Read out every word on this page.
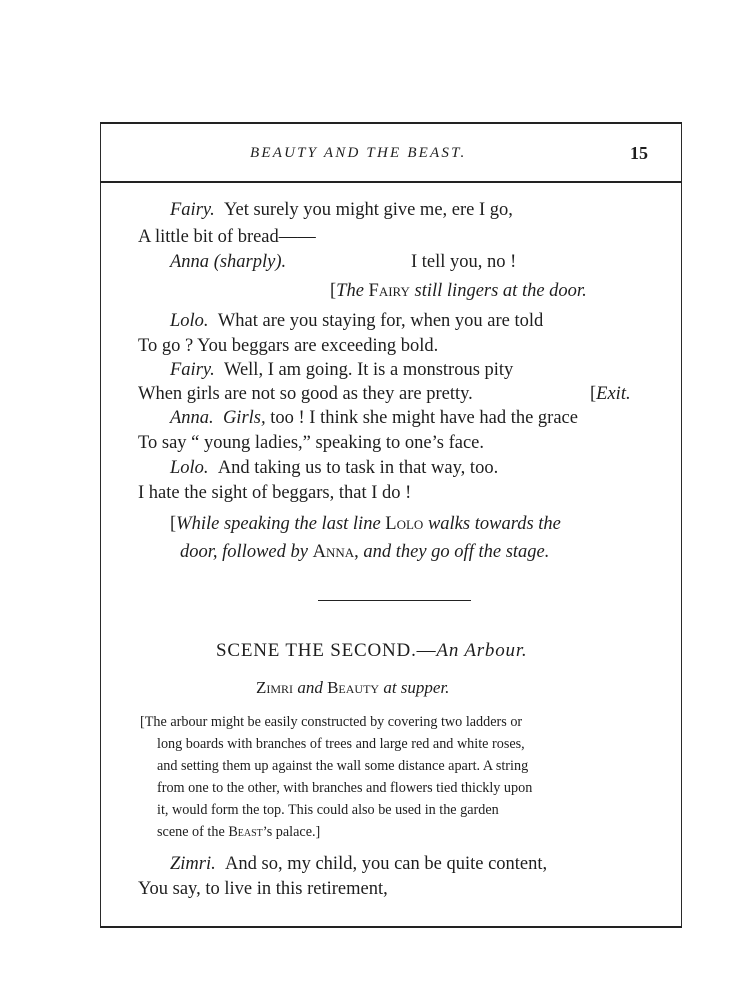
BEAUTY AND THE BEAST.	15
Fairy. Yet surely you might give me, ere I go,
A little bit of bread——
Anna (sharply).	I tell you, no !
[The Fairy still lingers at the door.
Lolo. What are you staying for, when you are told
To go ? You beggars are exceeding bold.
Fairy. Well, I am going. It is a monstrous pity
When girls are not so good as they are pretty.	[Exit.
Anna. Girls, too ! I think she might have had the grace
To say “ young ladies,” speaking to one’s face.
Lolo. And taking us to task in that way, too.
I hate the sight of beggars, that I do !
[While speaking the last line Lolo walks towards the
door, followed by Anna, and they go off the stage.
SCENE THE SECOND.—An Arbour.
Zimri and Beauty at supper.
[The arbour might be easily constructed by covering two ladders or
long boards with branches of trees and large red and white roses,
and setting them up against the wall some distance apart. A string
from one to the other, with branches and flowers tied thickly upon
it, would form the top. This could also be used in the garden
scene of the Beast’s palace.]
Zimri. And so, my child, you can be quite content,
You say, to live in this retirement,
